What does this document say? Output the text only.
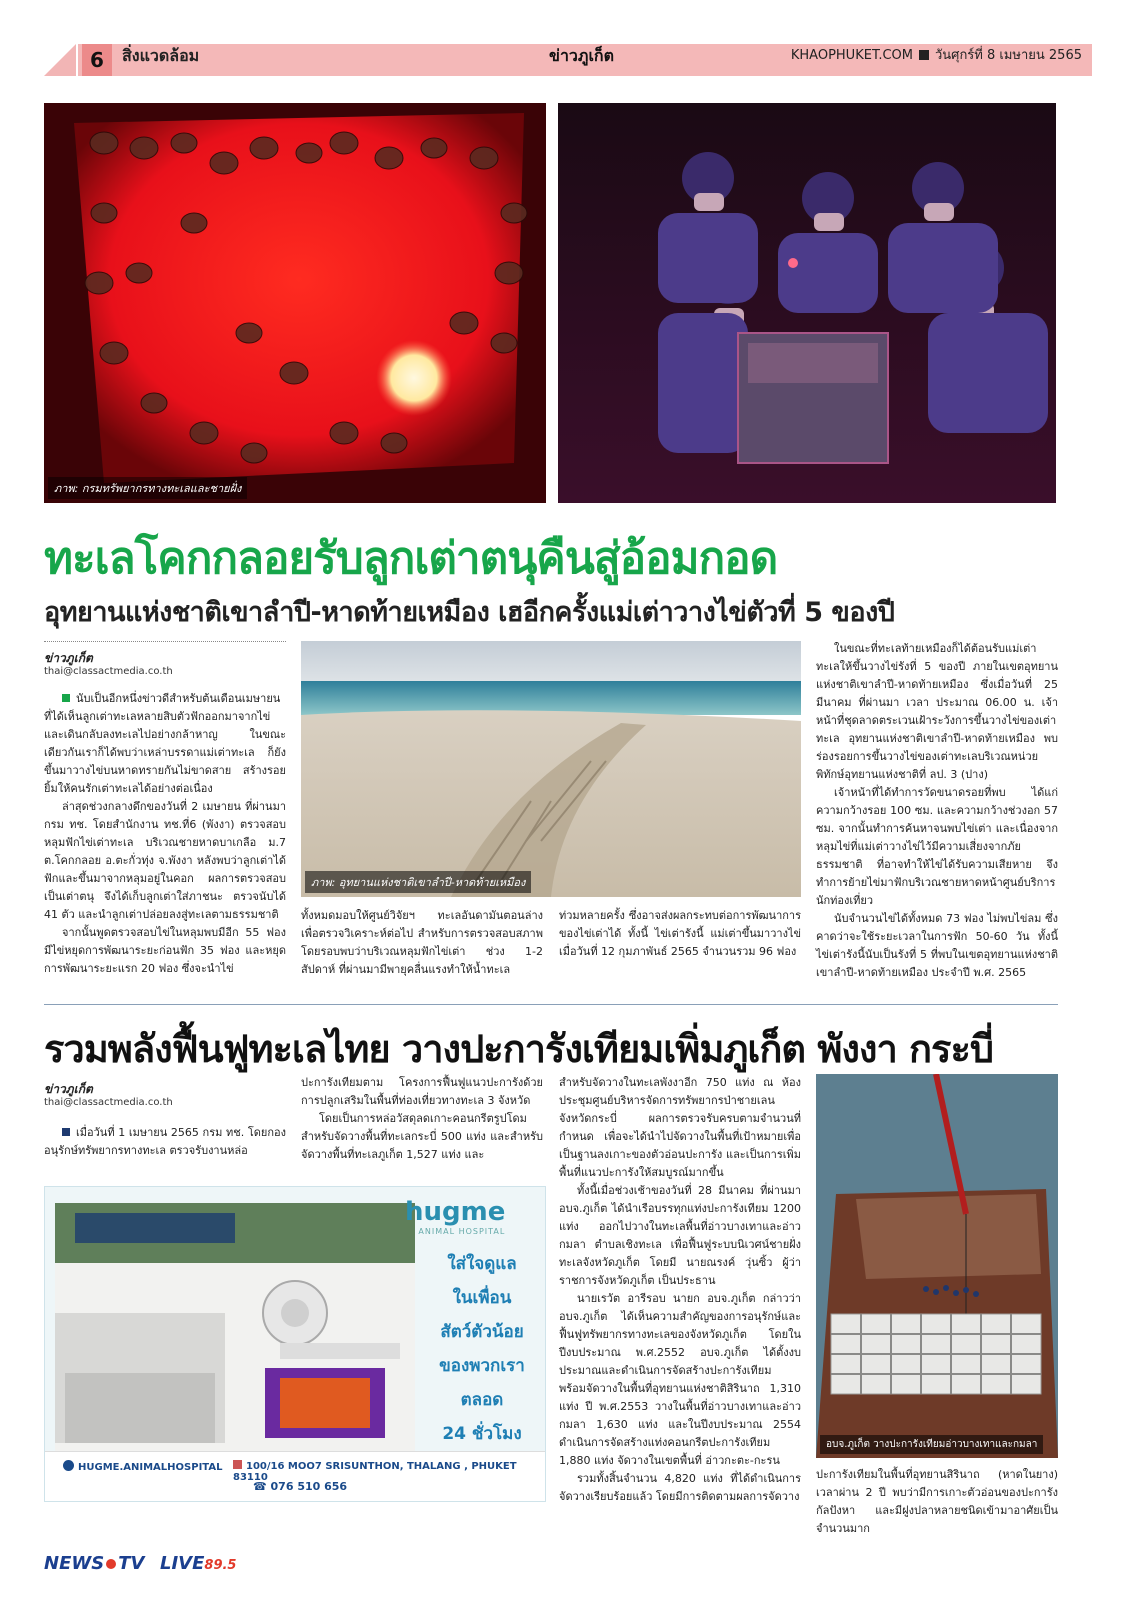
6	สิ่งแวดล้อม	ข่าวภูเก็ต	KHAOPHUKET.COM วันศุกร์ที่ 8 เมษายน 2565
ภาพ: กรมทรัพยากรทางทะเลและชายฝั่ง
ทะเลโคกกลอยรับลูกเต่าตนุคืนสู่อ้อมกอด
อุทยานแห่งชาติเขาลำปี-หาดท้ายเหมือง เฮอีกครั้งแม่เต่าวางไข่ตัวที่ 5 ของปี
ข่าวภูเก็ต
thai@classactmedia.co.th
ภาพ: อุทยานแห่งชาติเขาลำปี-หาดท้ายเหมือง

นับเป็นอีกหนึ่งข่าวดีสำหรับต้นเดือนเมษายน ที่ได้เห็นลูกเต่าทะเลหลายสิบตัวฟักออกมาจากไข่ และเดินกลับลงทะเลไปอย่างกล้าหาญ ในขณะเดียวกันเราก็ได้พบว่าเหล่าบรรดาแม่เต่าทะเล ก็ยังขึ้นมาวางไข่บนหาดทรายกันไม่ขาดสาย สร้างรอยยิ้มให้คนรักเต่าทะเลได้อย่างต่อเนื่อง

ล่าสุดช่วงกลางดึกของวันที่ 2 เมษายน ที่ผ่านมา กรม ทช. โดยสำนักงาน ทช.ที่6 (พังงา) ตรวจสอบหลุมฟักไข่เต่าทะเล บริเวณชายหาดบาเกลือ ม.7 ต.โคกกลอย อ.ตะกั่วทุ่ง จ.พังงา หลังพบว่าลูกเต่าได้ฟักและขึ้นมาจากหลุมอยู่ในคอก ผลการตรวจสอบเป็นเต่าตนุ จึงได้เก็บลูกเต่าใส่ภาชนะ ตรวจนับได้ 41 ตัว และนำลูกเต่าปล่อยลงสู่ทะเลตามธรรมชาติ

จากนั้นพูดตรวจสอบไข่ในหลุมพบมีอีก 55 ฟอง มีไข่หยุดการพัฒนาระยะก่อนฟัก 35 ฟอง และหยุดการพัฒนาระยะแรก 20 ฟอง ซึ่งจะนำไข่

ทั้งหมดมอบให้ศูนย์วิจัยฯ ทะเลอันดามันตอนล่าง เพื่อตรวจวิเคราะห์ต่อไป สำหรับการตรวจสอบสภาพโดยรอบพบว่าบริเวณหลุมฟักไข่เต่า ช่วง 1-2 สัปดาห์ ที่ผ่านมามีพายุคลื่นแรงทำให้น้ำทะเล

ท่วมหลายครั้ง ซึ่งอาจส่งผลกระทบต่อการพัฒนาการของไข่เต่าได้ ทั้งนี้ ไข่เต่ารังนี้ แม่เต่าขึ้นมาวางไข่ เมื่อวันที่ 12 กุมภาพันธ์ 2565 จำนวนรวม 96 ฟอง

ในขณะที่ทะเลท้ายเหมืองก็ได้ต้อนรับแม่เต่าทะเลให้ขึ้นวางไข่รังที่ 5 ของปี ภายในเขตอุทยานแห่งชาติเขาลำปี-หาดท้ายเหมือง ซึ่งเมื่อวันที่ 25 มีนาคม ที่ผ่านมา เวลา ประมาณ 06.00 น. เจ้าหน้าที่ชุดลาดตระเวนเฝ้าระวังการขึ้นวางไข่ของเต่าทะเล อุทยานแห่งชาติเขาลำปี-หาดท้ายเหมือง พบร่องรอยการขึ้นวางไข่ของเต่าทะเลบริเวณหน่วยพิทักษ์อุทยานแห่งชาติที่ ลป. 3 (ปาง)

เจ้าหน้าที่ได้ทำการวัดขนาดรอยที่พบ ได้แก่ ความกว้างรอย 100 ซม. และความกว้างช่วงอก 57 ซม. จากนั้นทำการค้นหาจนพบไข่เต่า และเนื่องจากหลุมไข่ที่แม่เต่าวางไข่ไว้มีความเสี่ยงจากภัยธรรมชาติ ที่อาจทำให้ไข่ได้รับความเสียหาย จึงทำการย้ายไข่มาฟักบริเวณชายหาดหน้าศูนย์บริการนักท่องเที่ยว

นับจำนวนไข่ได้ทั้งหมด 73 ฟอง ไม่พบไข่ลม ซึ่งคาดว่าจะใช้ระยะเวลาในการฟัก 50-60 วัน ทั้งนี้ ไข่เต่ารังนี้นับเป็นรังที่ 5 ที่พบในเขตอุทยานแห่งชาติเขาลำปี-หาดท้ายเหมือง ประจำปี พ.ศ. 2565

รวมพลังฟื้นฟูทะเลไทย วางปะการังเทียมเพิ่มภูเก็ต พังงา กระบี่
ข่าวภูเก็ต
thai@classactmedia.co.th

เมื่อวันที่ 1 เมษายน 2565 กรม ทช. โดยกองอนุรักษ์ทรัพยากรทางทะเล ตรวจรับงานหล่อ

ปะการังเทียมตาม โครงการฟื้นฟูแนวปะการังด้วยการปลูกเสริมในพื้นที่ท่องเที่ยวทางทะเล 3 จังหวัด

โดยเป็นการหล่อวัสดุลดเกาะคอนกรีตรูปโดม สำหรับจัดวางพื้นที่ทะเลกระบี่ 500 แท่ง และสำหรับจัดวางพื้นที่ทะเลภูเก็ต 1,527 แท่ง และ

สำหรับจัดวางในทะเลพังงาอีก 750 แท่ง ณ ห้องประชุมศูนย์บริหารจัดการทรัพยากรป่าชายเลน จังหวัดกระบี่ ผลการตรวจรับครบตามจำนวนที่กำหนด เพื่อจะได้นำไปจัดวางในพื้นที่เป้าหมายเพื่อเป็นฐานลงเกาะของตัวอ่อนปะการัง และเป็นการเพิ่มพื้นที่แนวปะการังให้สมบูรณ์มากขึ้น

ทั้งนี้เมื่อช่วงเช้าของวันที่ 28 มีนาคม ที่ผ่านมา อบจ.ภูเก็ต ได้นำเรือบรรทุกแท่งปะการังเทียม 1200 แท่ง ออกไปวางในทะเลพื้นที่อ่าวบางเทาและอ่าวกมลา ตำบลเชิงทะเล เพื่อฟื้นฟูระบบนิเวศน์ชายฝั่งทะเลจังหวัดภูเก็ต โดยมี นายณรงค์ วุ่นซิ้ว ผู้ว่าราชการจังหวัดภูเก็ต เป็นประธาน

นายเรวัต อารีรอบ นายก อบจ.ภูเก็ต กล่าวว่า อบจ.ภูเก็ต ได้เห็นความสำคัญของการอนุรักษ์และฟื้นฟูทรัพยากรทางทะเลของจังหวัดภูเก็ต โดยในปีงบประมาณ พ.ศ.2552 อบจ.ภูเก็ต ได้ตั้งงบประมาณและดำเนินการจัดสร้างปะการังเทียม พร้อมจัดวางในพื้นที่อุทยานแห่งชาติสิรินาถ 1,310 แท่ง ปี พ.ศ.2553 วางในพื้นที่อ่าวบางเทาและอ่าวกมลา 1,630 แท่ง และในปีงบประมาณ 2554 ดำเนินการจัดสร้างแท่งคอนกรีตปะการังเทียม 1,880 แท่ง จัดวางในเขตพื้นที่ อ่าวกะตะ-กะรน

รวมทั้งสิ้นจำนวน 4,820 แท่ง ที่ได้ดำเนินการจัดวางเรียบร้อยแล้ว โดยมีการติดตามผลการจัดวาง

อบจ.ภูเก็ต วางปะการังเทียมอ่าวบางเทาและกมลา

ปะการังเทียมในพื้นที่อุทยานสิรินาถ (หาดในยาง) เวลาผ่าน 2 ปี พบว่ามีการเกาะตัวอ่อนของปะการังกัลปังหา และมีฝูงปลาหลายชนิดเข้ามาอาศัยเป็นจำนวนมาก

hugme
ANIMAL HOSPITAL
ใส่ใจดูแล
ในเพื่อน
สัตว์ตัวน้อย
ของพวกเรา
ตลอด
24 ชั่วโมง
HUGME.ANIMALHOSPITAL	100/16 MOO7 SRISUNTHON, THALANG , PHUKET 83110
☎ 076 510 656
NEWS TV LIVE89.5
